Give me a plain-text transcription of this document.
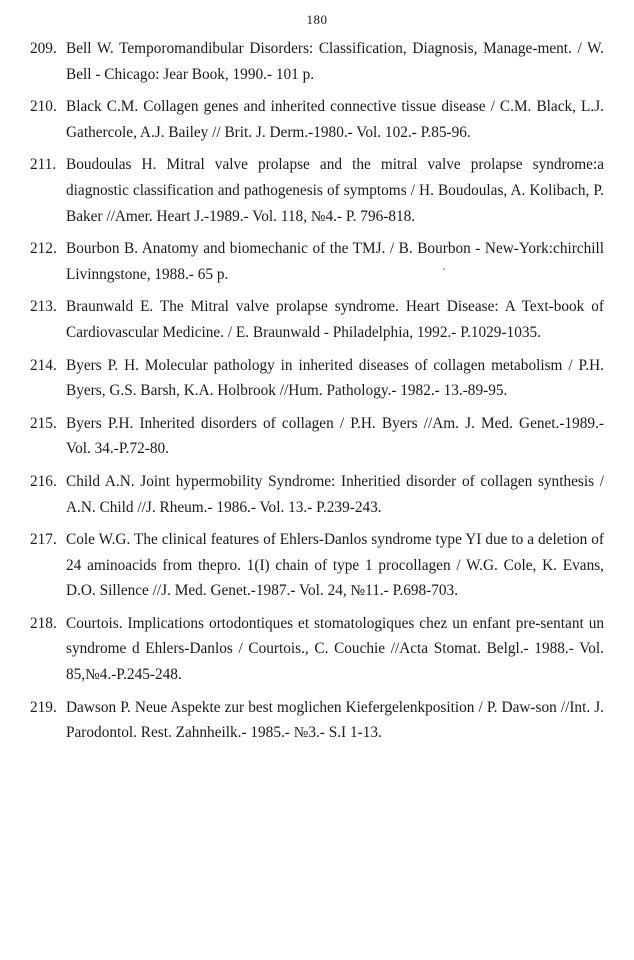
180
209. Bell W. Temporomandibular Disorders: Classification, Diagnosis, Manage-ment. / W. Bell - Chicago: Jear Book, 1990.- 101 p.
210. Black C.M. Collagen genes and inherited connective tissue disease / C.M. Black, L.J. Gathercole, A.J. Bailey // Brit. J. Derm.-1980.- Vol. 102.- P.85-96.
211. Boudoulas H. Mitral valve prolapse and the mitral valve prolapse syndrome:a diagnostic classification and pathogenesis of symptoms / H. Boudoulas, A. Kolibach, P. Baker //Amer. Heart J.-1989.- Vol. 118, №4.- P. 796-818.
212. Bourbon B. Anatomy and biomechanic of the TMJ. / B. Bourbon - New-York:chirchill Livinngstone, 1988.- 65 p.
213. Braunwald E. The Mitral valve prolapse syndrome. Heart Disease: A Text-book of Cardiovascular Medicine. / E. Braunwald - Philadelphia, 1992.- P.1029-1035.
214. Byers P. H. Molecular pathology in inherited diseases of collagen metabolism / P.H. Byers, G.S. Barsh, K.A. Holbrook //Hum. Pathology.- 1982.- 13.-89-95.
215. Byers P.H. Inherited disorders of collagen / P.H. Byers //Am. J. Med. Genet.-1989.- Vol. 34.-P.72-80.
216. Child A.N. Joint hypermobility Syndrome: Inheritied disorder of collagen synthesis / A.N. Child //J. Rheum.- 1986.- Vol. 13.- P.239-243.
217. Cole W.G. The clinical features of Ehlers-Danlos syndrome type YI due to a deletion of 24 aminoacids from thepro. 1(I) chain of type 1 procollagen / W.G. Cole, K. Evans, D.O. Sillence //J. Med. Genet.-1987.- Vol. 24, №11.- P.698-703.
218. Courtois. Implications ortodontiques et stomatologiques chez un enfant pre-sentant un syndrome d Ehlers-Danlos / Courtois., C. Couchie //Acta Stomat. Belgl.- 1988.- Vol. 85,№4.-P.245-248.
219. Dawson P. Neue Aspekte zur best moglichen Kiefergelenkposition / P. Daw-son //Int. J. Parodontol. Rest. Zahnheilk.- 1985.- №3.- S.I 1-13.
